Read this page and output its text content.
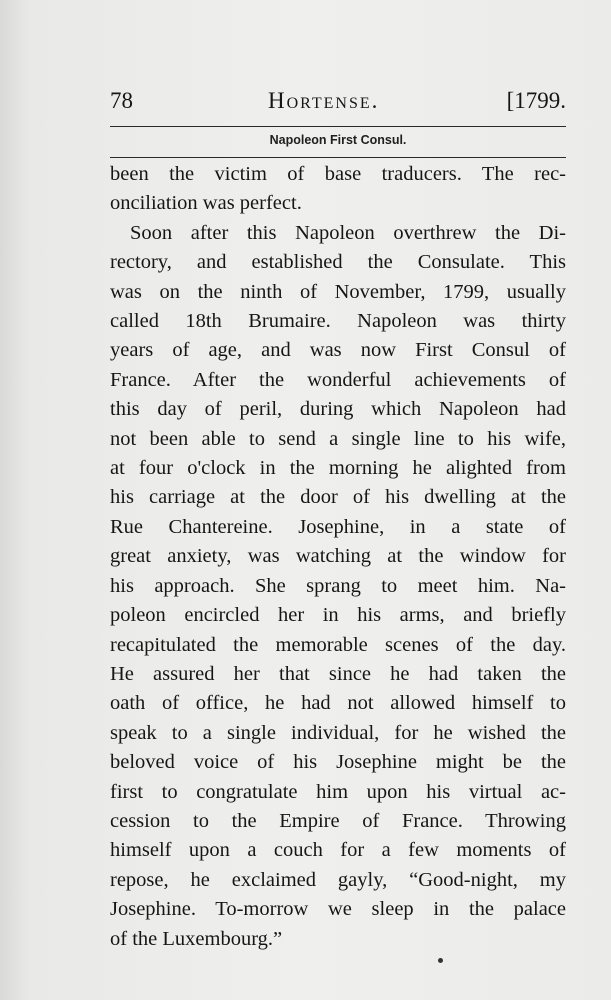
78	Hortense.	[1799.
Napoleon First Consul.
been the victim of base traducers. The rec-
onciliation was perfect.
Soon after this Napoleon overthrew the Di-
rectory, and established the Consulate. This
was on the ninth of November, 1799, usually
called 18th Brumaire. Napoleon was thirty
years of age, and was now First Consul of
France. After the wonderful achievements of
this day of peril, during which Napoleon had
not been able to send a single line to his wife,
at four o'clock in the morning he alighted from
his carriage at the door of his dwelling at the
Rue Chantereine. Josephine, in a state of
great anxiety, was watching at the window for
his approach. She sprang to meet him. Na-
poleon encircled her in his arms, and briefly
recapitulated the memorable scenes of the day.
He assured her that since he had taken the
oath of office, he had not allowed himself to
speak to a single individual, for he wished the
beloved voice of his Josephine might be the
first to congratulate him upon his virtual ac-
cession to the Empire of France. Throwing
himself upon a couch for a few moments of
repose, he exclaimed gayly, “Good-night, my
Josephine. To-morrow we sleep in the palace
of the Luxembourg.”
